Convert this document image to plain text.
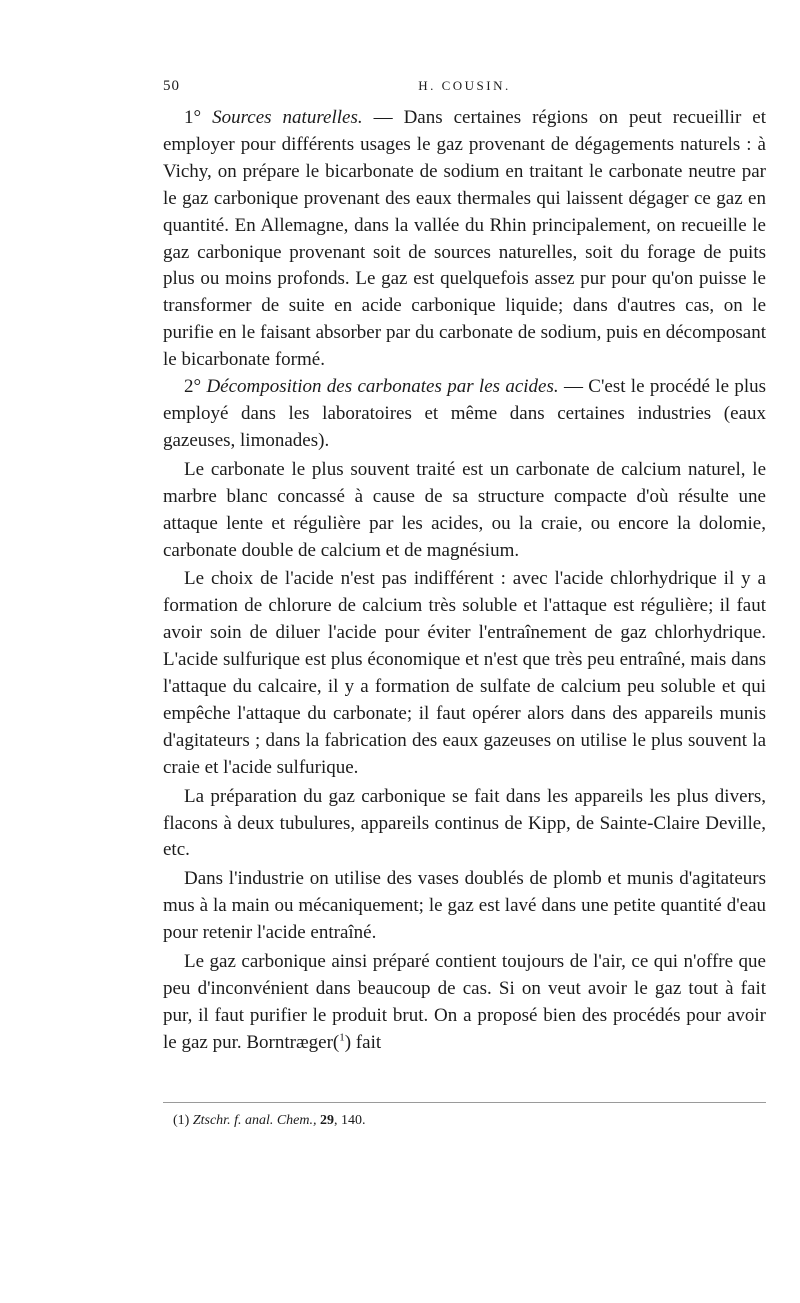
50	H. COUSIN.

1° Sources naturelles. — Dans certaines régions on peut recueillir et employer pour différents usages le gaz provenant de dégagements naturels : à Vichy, on prépare le bicarbonate de sodium en traitant le carbonate neutre par le gaz carbonique provenant des eaux thermales qui laissent dégager ce gaz en quantité. En Allemagne, dans la vallée du Rhin principalement, on recueille le gaz carbonique provenant soit de sources naturelles, soit du forage de puits plus ou moins profonds. Le gaz est quelquefois assez pur pour qu'on puisse le transformer de suite en acide carbonique liquide; dans d'autres cas, on le purifie en le faisant absorber par du carbonate de sodium, puis en décomposant le bicarbonate formé.

2° Décomposition des carbonates par les acides. — C'est le procédé le plus employé dans les laboratoires et même dans certaines industries (eaux gazeuses, limonades).

Le carbonate le plus souvent traité est un carbonate de calcium naturel, le marbre blanc concassé à cause de sa structure compacte d'où résulte une attaque lente et régulière par les acides, ou la craie, ou encore la dolomie, carbonate double de calcium et de magnésium.

Le choix de l'acide n'est pas indifférent : avec l'acide chlorhydrique il y a formation de chlorure de calcium très soluble et l'attaque est régulière; il faut avoir soin de diluer l'acide pour éviter l'entraînement de gaz chlorhydrique. L'acide sulfurique est plus économique et n'est que très peu entraîné, mais dans l'attaque du calcaire, il y a formation de sulfate de calcium peu soluble et qui empêche l'attaque du carbonate; il faut opérer alors dans des appareils munis d'agitateurs ; dans la fabrication des eaux gazeuses on utilise le plus souvent la craie et l'acide sulfurique.

La préparation du gaz carbonique se fait dans les appareils les plus divers, flacons à deux tubulures, appareils continus de Kipp, de Sainte-Claire Deville, etc.

Dans l'industrie on utilise des vases doublés de plomb et munis d'agitateurs mus à la main ou mécaniquement; le gaz est lavé dans une petite quantité d'eau pour retenir l'acide entraîné.

Le gaz carbonique ainsi préparé contient toujours de l'air, ce qui n'offre que peu d'inconvénient dans beaucoup de cas. Si on veut avoir le gaz tout à fait pur, il faut purifier le produit brut. On a proposé bien des procédés pour avoir le gaz pur. Borntræger($^1$) fait

(1) Ztschr. f. anal. Chem., 29, 140.
